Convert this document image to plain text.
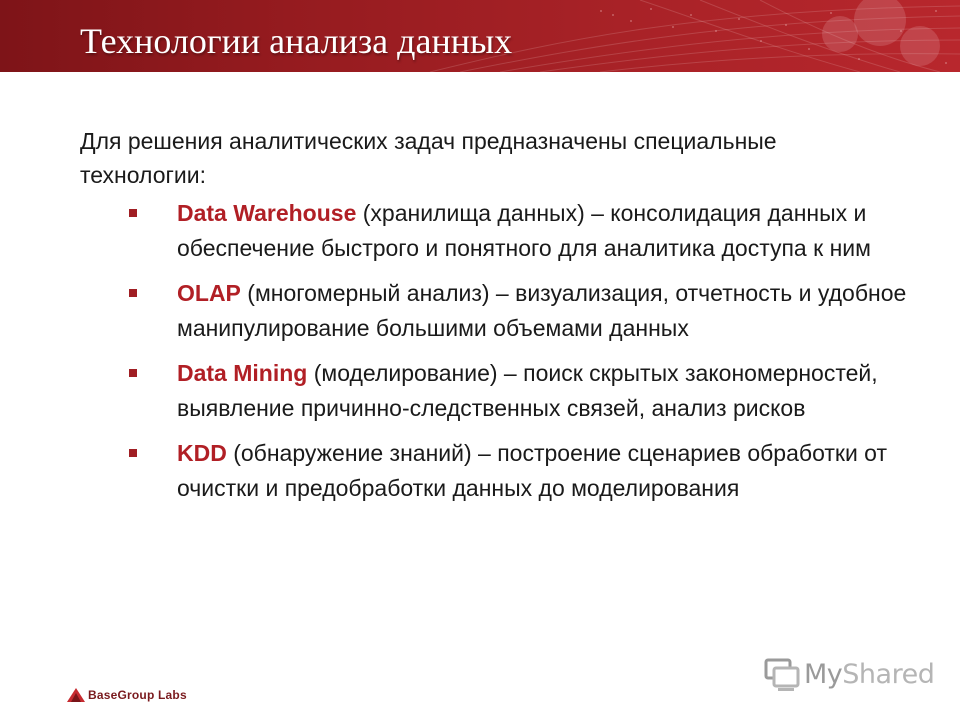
Технологии анализа данных
Для решения аналитических задач предназначены специальные технологии:
Data Warehouse (хранилища данных) – консолидация данных и обеспечение быстрого и понятного для аналитика доступа к ним
OLAP (многомерный анализ) – визуализация, отчетность и удобное манипулирование большими объемами данных
Data Mining (моделирование) – поиск скрытых закономерностей, выявление причинно-следственных связей, анализ рисков
KDD (обнаружение знаний) – построение сценариев обработки от очистки и предобработки данных до моделирования
BaseGroup Labs
MyShared
